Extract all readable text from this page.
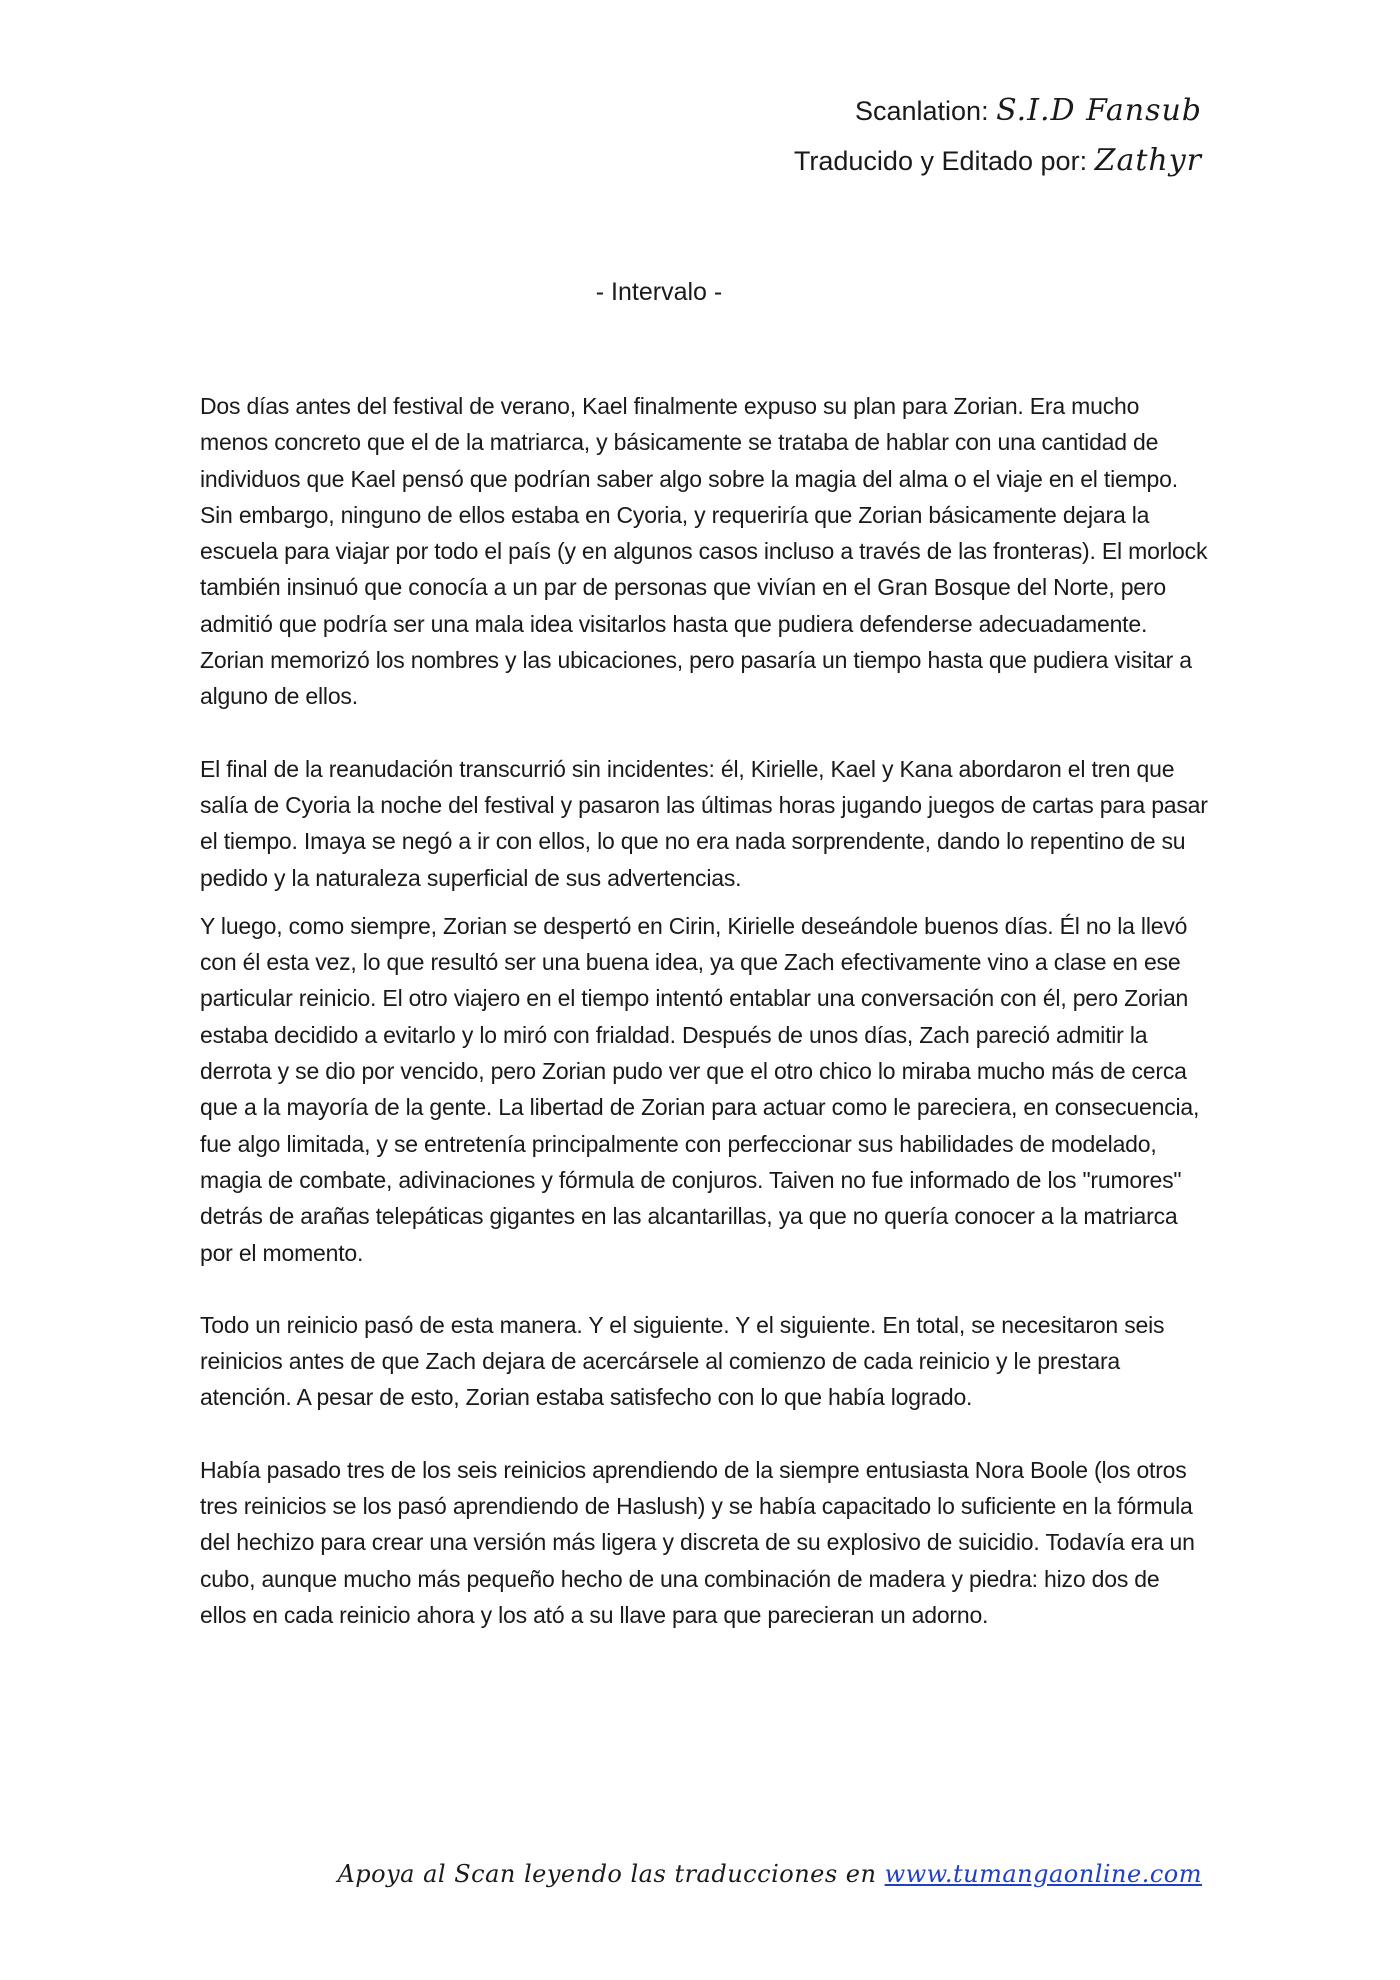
Scanlation: S.I.D Fansub
Traducido y Editado por: Zathyr
- Intervalo -

Dos días antes del festival de verano, Kael finalmente expuso su plan para Zorian. Era mucho menos concreto que el de la matriarca, y básicamente se trataba de hablar con una cantidad de individuos que Kael pensó que podrían saber algo sobre la magia del alma o el viaje en el tiempo. Sin embargo, ninguno de ellos estaba en Cyoria, y requeriría que Zorian básicamente dejara la escuela para viajar por todo el país (y en algunos casos incluso a través de las fronteras). El morlock también insinuó que conocía a un par de personas que vivían en el Gran Bosque del Norte, pero admitió que podría ser una mala idea visitarlos hasta que pudiera defenderse adecuadamente. Zorian memorizó los nombres y las ubicaciones, pero pasaría un tiempo hasta que pudiera visitar a alguno de ellos.

El final de la reanudación transcurrió sin incidentes: él, Kirielle, Kael y Kana abordaron el tren que salía de Cyoria la noche del festival y pasaron las últimas horas jugando juegos de cartas para pasar el tiempo. Imaya se negó a ir con ellos, lo que no era nada sorprendente, dando lo repentino de su pedido y la naturaleza superficial de sus advertencias.

Y luego, como siempre, Zorian se despertó en Cirin, Kirielle deseándole buenos días. Él no la llevó con él esta vez, lo que resultó ser una buena idea, ya que Zach efectivamente vino a clase en ese particular reinicio. El otro viajero en el tiempo intentó entablar una conversación con él, pero Zorian estaba decidido a evitarlo y lo miró con frialdad. Después de unos días, Zach pareció admitir la derrota y se dio por vencido, pero Zorian pudo ver que el otro chico lo miraba mucho más de cerca que a la mayoría de la gente. La libertad de Zorian para actuar como le pareciera, en consecuencia, fue algo limitada, y se entretenía principalmente con perfeccionar sus habilidades de modelado, magia de combate, adivinaciones y fórmula de conjuros. Taiven no fue informado de los "rumores" detrás de arañas telepáticas gigantes en las alcantarillas, ya que no quería conocer a la matriarca por el momento.

Todo un reinicio pasó de esta manera. Y el siguiente. Y el siguiente. En total, se necesitaron seis reinicios antes de que Zach dejara de acercársele al comienzo de cada reinicio y le prestara atención. A pesar de esto, Zorian estaba satisfecho con lo que había logrado.

Había pasado tres de los seis reinicios aprendiendo de la siempre entusiasta Nora Boole (los otros tres reinicios se los pasó aprendiendo de Haslush) y se había capacitado lo suficiente en la fórmula del hechizo para crear una versión más ligera y discreta de su explosivo de suicidio. Todavía era un cubo, aunque mucho más pequeño hecho de una combinación de madera y piedra: hizo dos de ellos en cada reinicio ahora y los ató a su llave para que parecieran un adorno.

Apoya al Scan leyendo las traducciones en www.tumangaonline.com
